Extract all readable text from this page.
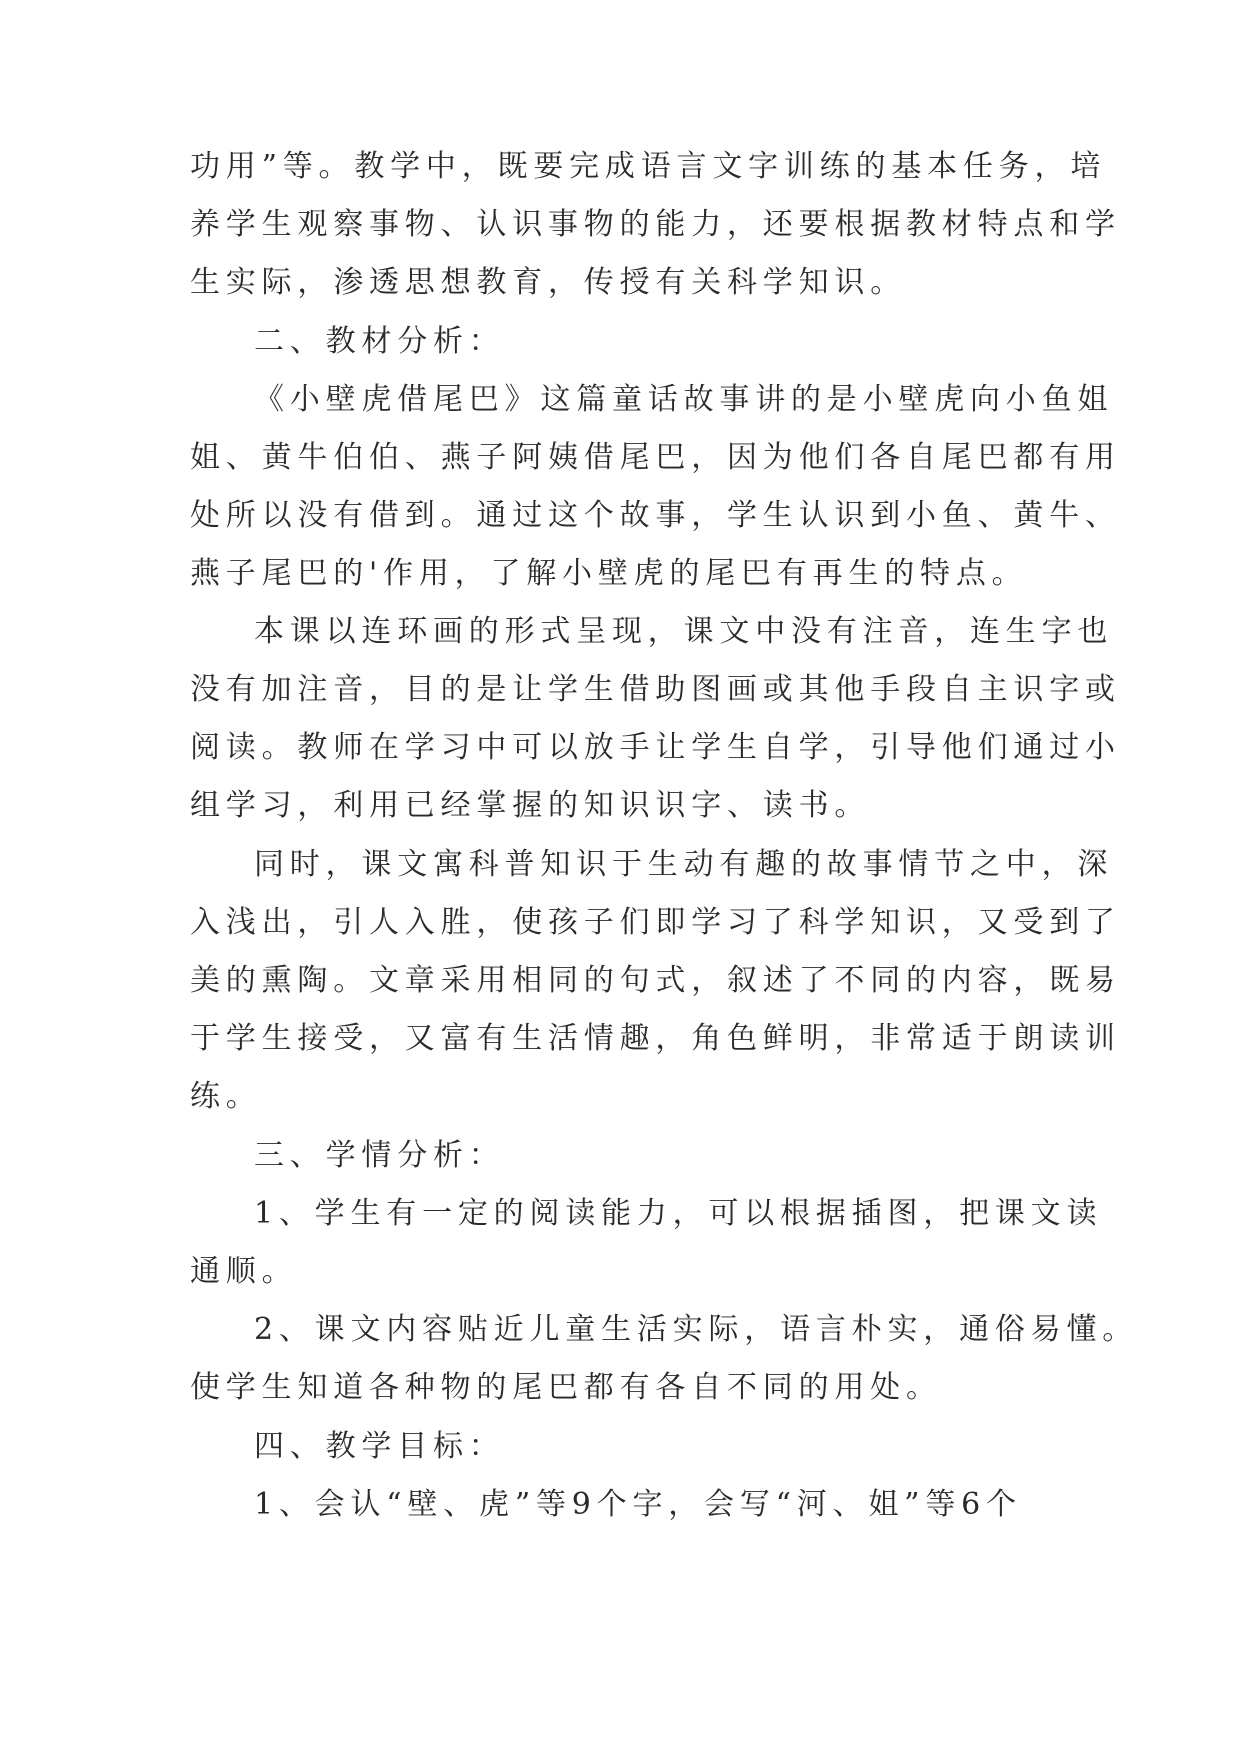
功用”等。教学中，既要完成语言文字训练的基本任务，培
养学生观察事物、认识事物的能力，还要根据教材特点和学
生实际，渗透思想教育，传授有关科学知识。
二、教材分析：
《小壁虎借尾巴》这篇童话故事讲的是小壁虎向小鱼姐
姐、黄牛伯伯、燕子阿姨借尾巴，因为他们各自尾巴都有用
处所以没有借到。通过这个故事，学生认识到小鱼、黄牛、
燕子尾巴的'作用，了解小壁虎的尾巴有再生的特点。
本课以连环画的形式呈现，课文中没有注音，连生字也
没有加注音，目的是让学生借助图画或其他手段自主识字或
阅读。教师在学习中可以放手让学生自学，引导他们通过小
组学习，利用已经掌握的知识识字、读书。
同时，课文寓科普知识于生动有趣的故事情节之中，深
入浅出，引人入胜，使孩子们即学习了科学知识，又受到了
美的熏陶。文章采用相同的句式，叙述了不同的内容，既易
于学生接受，又富有生活情趣，角色鲜明，非常适于朗读训
练。
三、学情分析：
1、学生有一定的阅读能力，可以根据插图，把课文读
通顺。
2、课文内容贴近儿童生活实际，语言朴实，通俗易懂。
使学生知道各种物的尾巴都有各自不同的用处。
四、教学目标：
1、会认“壁、虎”等9个字，会写“河、姐”等6个
